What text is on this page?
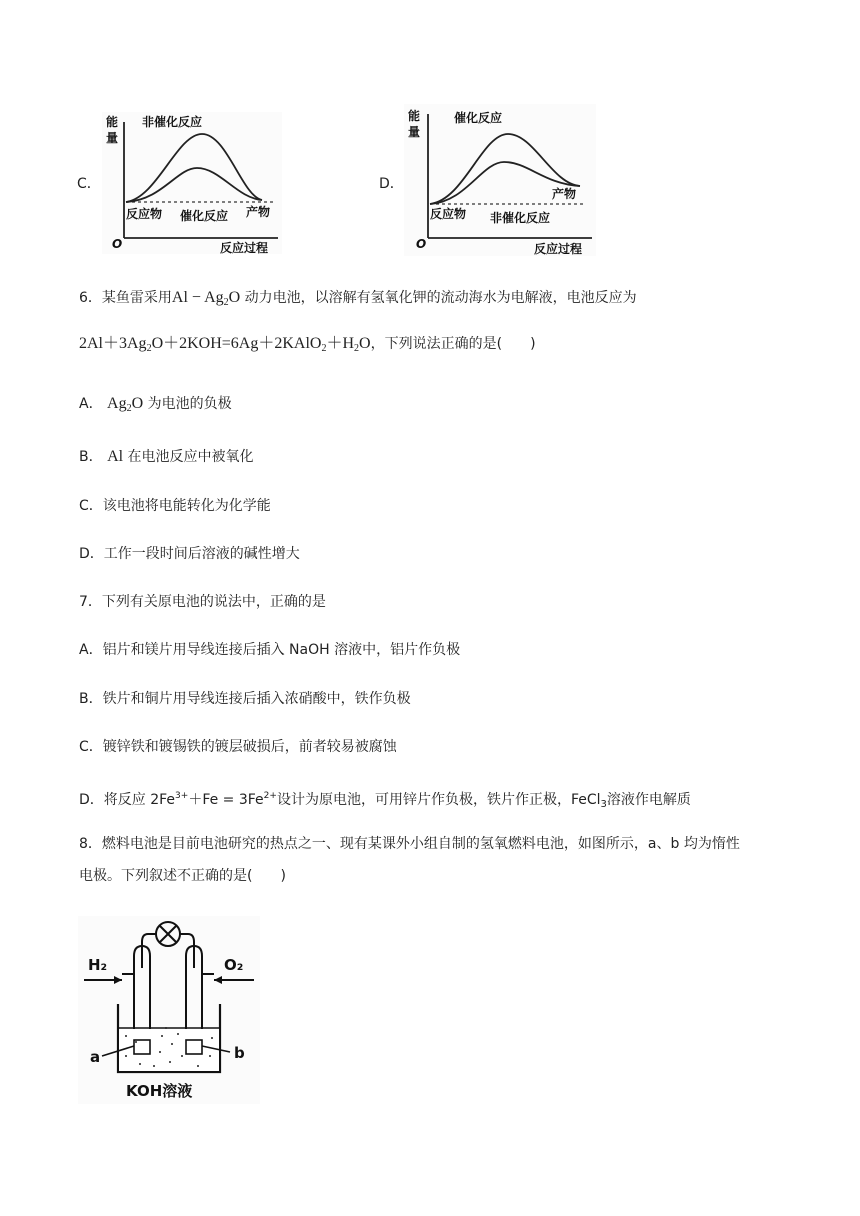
C．
能
量
非催化反应
反应物 催化反应 产物
O	反应过程
D．
能
量
催化反应
反应物 非催化反应
产物
O	反应过程
6．某鱼雷采用$Al - Ag_2O$ 动力电池，以溶解有氢氧化钾的流动海水为电解液，电池反应为
$2Al+3Ag_2O+2KOH=6Ag+2KAlO_2+H_2O$，下列说法正确的是(　　)
A． $Ag_2O$ 为电池的负极
B． Al 在电池反应中被氧化
C．该电池将电能转化为化学能
D．工作一段时间后溶液的碱性增大
7．下列有关原电池的说法中，正确的是
A．铝片和镁片用导线连接后插入 NaOH 溶液中，铝片作负极
B．铁片和铜片用导线连接后插入浓硝酸中，铁作负极
C．镀锌铁和镀锡铁的镀层破损后，前者较易被腐蚀
D．将反应 $2Fe^{3+}+Fe = 3Fe^{2+}$设计为原电池，可用锌片作负极，铁片作正极，FeCl$_3$溶液作电解质
8．燃料电池是目前电池研究的热点之一、现有某课外小组自制的氢氧燃料电池，如图所示，a、b 均为惰性
电极。下列叙述不正确的是(　　)
H₂	O₂
a	b
KOH溶液
